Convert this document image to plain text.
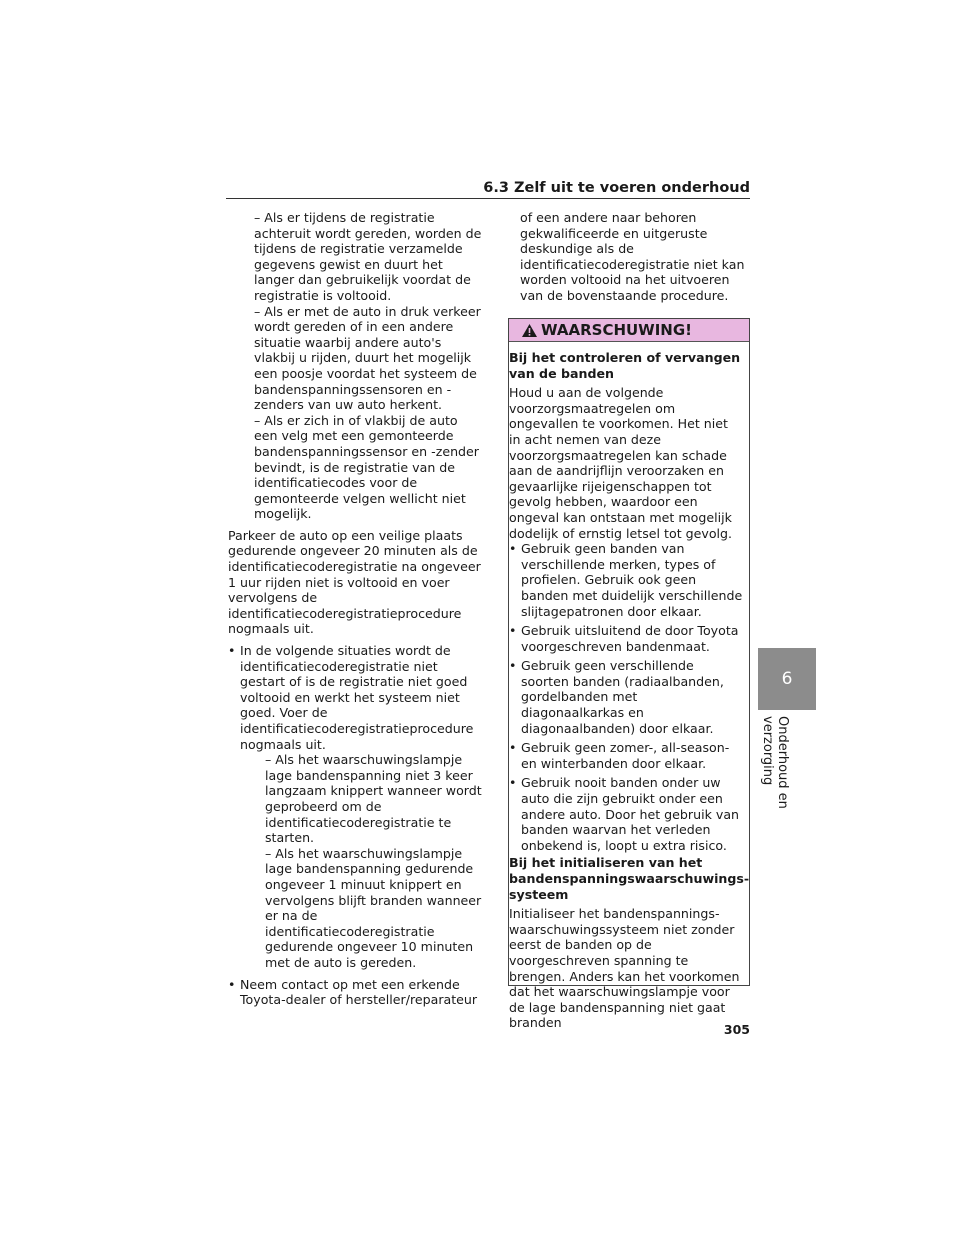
6.3 Zelf uit te voeren onderhoud
– Als er tijdens de registratie achteruit wordt gereden, worden de tijdens de registratie verzamelde gegevens gewist en duurt het langer dan gebruikelijk voordat de registratie is voltooid.
– Als er met de auto in druk verkeer wordt gereden of in een andere situatie waarbij andere auto's vlakbij u rijden, duurt het mogelijk een poosje voordat het systeem de bandenspanningssensoren en -zenders van uw auto herkent.
– Als er zich in of vlakbij de auto een velg met een gemonteerde bandenspanningssensor en -zender bevindt, is de registratie van de identificatiecodes voor de gemonteerde velgen wellicht niet mogelijk.
Parkeer de auto op een veilige plaats gedurende ongeveer 20 minuten als de identificatiecoderegistratie na ongeveer 1 uur rijden niet is voltooid en voer vervolgens de identificatiecoderegistratieprocedure nogmaals uit.
• In de volgende situaties wordt de identificatiecoderegistratie niet gestart of is de registratie niet goed voltooid en werkt het systeem niet goed. Voer de identificatiecoderegistratieprocedure nogmaals uit.
– Als het waarschuwingslampje lage bandenspanning niet 3 keer langzaam knippert wanneer wordt geprobeerd om de identificatiecoderegistratie te starten.
– Als het waarschuwingslampje lage bandenspanning gedurende ongeveer 1 minuut knippert en vervolgens blijft branden wanneer er na de identificatiecoderegistratie gedurende ongeveer 10 minuten met de auto is gereden.
• Neem contact op met een erkende Toyota-dealer of hersteller/reparateur
of een andere naar behoren gekwalificeerde en uitgeruste deskundige als de identificatiecoderegistratie niet kan worden voltooid na het uitvoeren van de bovenstaande procedure.
WAARSCHUWING!
Bij het controleren of vervangen van de banden
Houd u aan de volgende voorzorgsmaatregelen om ongevallen te voorkomen. Het niet in acht nemen van deze voorzorgsmaatregelen kan schade aan de aandrijflijn veroorzaken en gevaarlijke rijeigenschappen tot gevolg hebben, waardoor een ongeval kan ontstaan met mogelijk dodelijk of ernstig letsel tot gevolg.
• Gebruik geen banden van verschillende merken, types of profielen. Gebruik ook geen banden met duidelijk verschillende slijtagepatronen door elkaar.
• Gebruik uitsluitend de door Toyota voorgeschreven bandenmaat.
• Gebruik geen verschillende soorten banden (radiaalbanden, gordelbanden met diagonaalkarkas en diagonaalbanden) door elkaar.
• Gebruik geen zomer-, all-season- en winterbanden door elkaar.
• Gebruik nooit banden onder uw auto die zijn gebruikt onder een andere auto. Door het gebruik van banden waarvan het verleden onbekend is, loopt u extra risico.
Bij het initialiseren van het bandenspanningswaarschuwings- systeem
Initialiseer het bandenspannings- waarschuwingssysteem niet zonder eerst de banden op de voorgeschreven spanning te brengen. Anders kan het voorkomen dat het waarschuwingslampje voor de lage bandenspanning niet gaat branden
6
Onderhoud en verzorging
305
